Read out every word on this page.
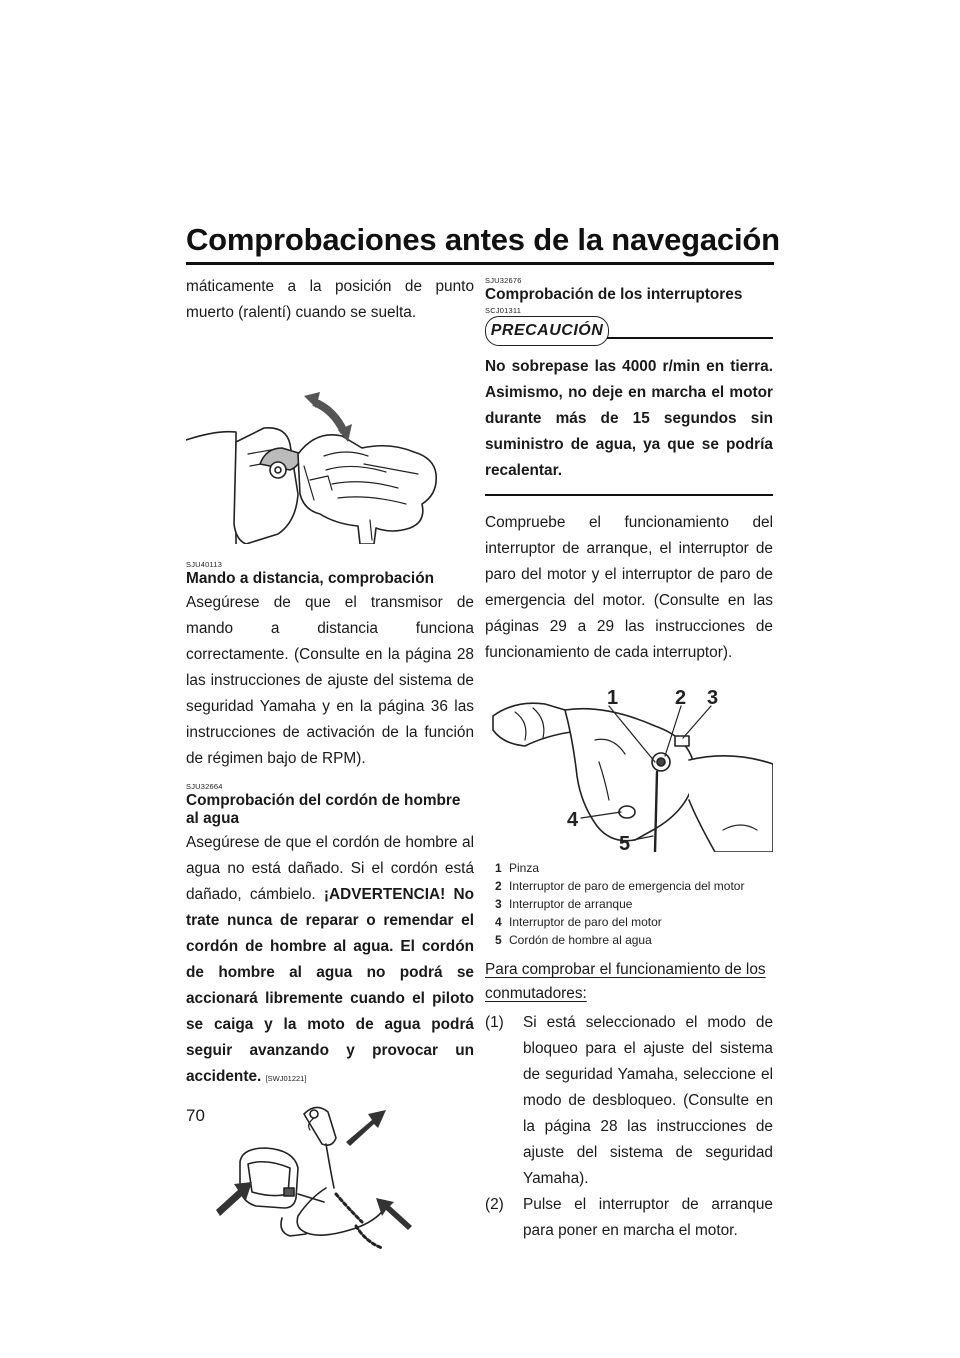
Comprobaciones antes de la navegación

máticamente a la posición de punto muerto (ralentí) cuando se suelta.

SJU40113
Mando a distancia, comprobación

Asegúrese de que el transmisor de mando a distancia funciona correctamente. (Consulte en la página 28 las instrucciones de ajuste del sistema de seguridad Yamaha y en la página 36 las instrucciones de activación de la función de régimen bajo de RPM).

SJU32664
Comprobación del cordón de hombre al agua

Asegúrese de que el cordón de hombre al agua no está dañado. Si el cordón está dañado, cámbielo. ¡ADVERTENCIA! No trate nunca de reparar o remendar el cordón de hombre al agua. El cordón de hombre al agua no podrá se accionará libremente cuando el piloto se caiga y la moto de agua podrá seguir avanzando y provocar un accidente. [SWJ01221]

SJU32676
Comprobación de los interruptores
SCJ01311
PRECAUCIÓN

No sobrepase las 4000 r/min en tierra. Asimismo, no deje en marcha el motor durante más de 15 segundos sin suministro de agua, ya que se podría recalentar.

Compruebe el funcionamiento del interruptor de arranque, el interruptor de paro del motor y el interruptor de paro de emergencia del motor. (Consulte en las páginas 29 a 29 las instrucciones de funcionamiento de cada interruptor).

1	2 3
4
5
1 Pinza
2 Interruptor de paro de emergencia del motor
3 Interruptor de arranque
4 Interruptor de paro del motor
5 Cordón de hombre al agua

Para comprobar el funcionamiento de los conmutadores:

(1)	Si está seleccionado el modo de bloqueo para el ajuste del sistema de seguridad Yamaha, seleccione el modo de desbloqueo. (Consulte en la página 28 las instrucciones de ajuste del sistema de seguridad Yamaha).
(2)	Pulse el interruptor de arranque para poner en marcha el motor.
70
